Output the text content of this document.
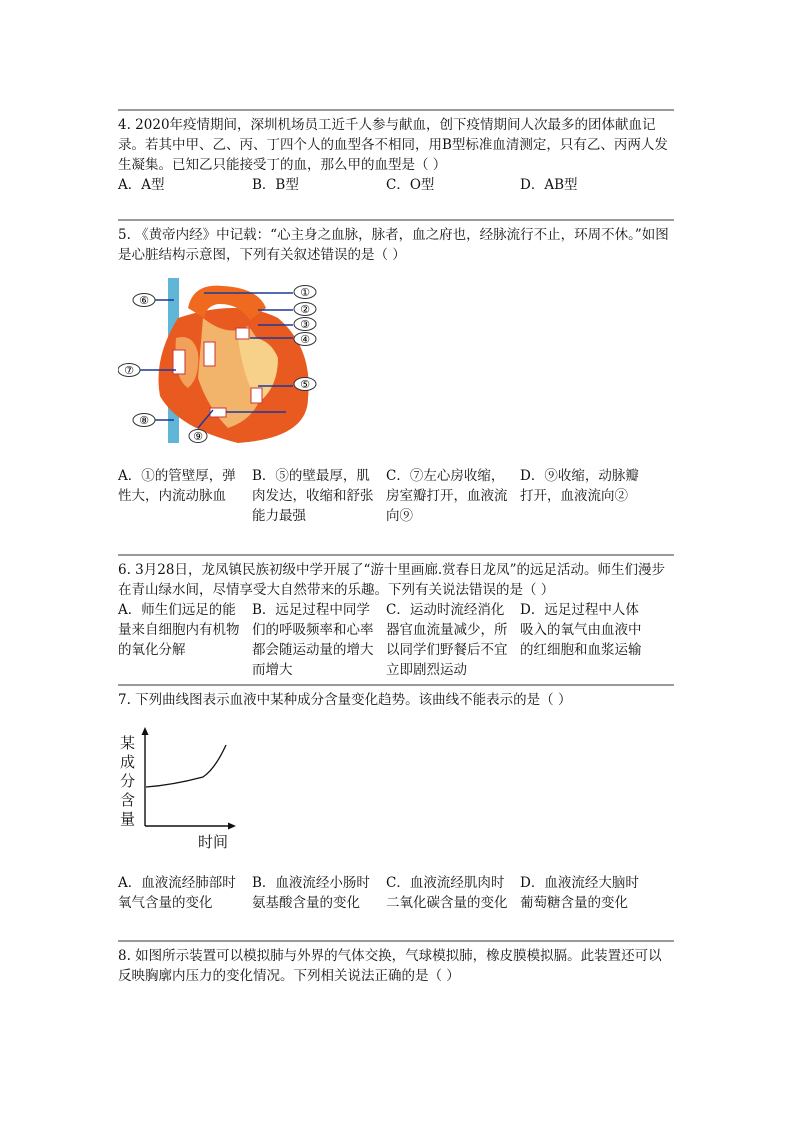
4. 2020年疫情期间，深圳机场员工近千人参与献血，创下疫情期间人次最多的团体献血记录。若其中甲、乙、丙、丁四个人的血型各不相同，用B型标准血清测定，只有乙、丙两人发生凝集。已知乙只能接受丁的血，那么甲的血型是（ ）
A．A型	B．B型	C．O型	D．AB型
5. 《黄帝内经》中记载：“心主身之血脉，脉者，血之府也，经脉流行不止，环周不休。”如图是心脏结构示意图，下列有关叙述错误的是（ ）
①
②
③
④
⑤
⑥
⑦
⑧
⑨
A．①的管壁厚，弹性大，内流动脉血
B．⑤的壁最厚，肌肉发达，收缩和舒张能力最强
C．⑦左心房收缩，房室瓣打开，血液流向⑨
D．⑨收缩，动脉瓣打开，血液流向②
6. 3月28日，龙凤镇民族初级中学开展了“游十里画廊.赏春日龙凤”的远足活动。师生们漫步在青山绿水间，尽情享受大自然带来的乐趣。下列有关说法错误的是（ ）
A．师生们远足的能量来自细胞内有机物的氧化分解
B．远足过程中同学们的呼吸频率和心率都会随运动量的增大而增大
C．运动时流经消化器官血流量减少，所以同学们野餐后不宜立即剧烈运动
D．远足过程中人体吸入的氧气由血液中的红细胞和血浆运输
7. 下列曲线图表示血液中某种成分含量变化趋势。该曲线不能表示的是（ ）
某成分含量
时间
A．血液流经肺部时氧气含量的变化
B．血液流经小肠时氨基酸含量的变化
C．血液流经肌肉时二氧化碳含量的变化
D．血液流经大脑时葡萄糖含量的变化
8. 如图所示装置可以模拟肺与外界的气体交换，气球模拟肺，橡皮膜模拟膈。此装置还可以反映胸廓内压力的变化情况。下列相关说法正确的是（ ）
